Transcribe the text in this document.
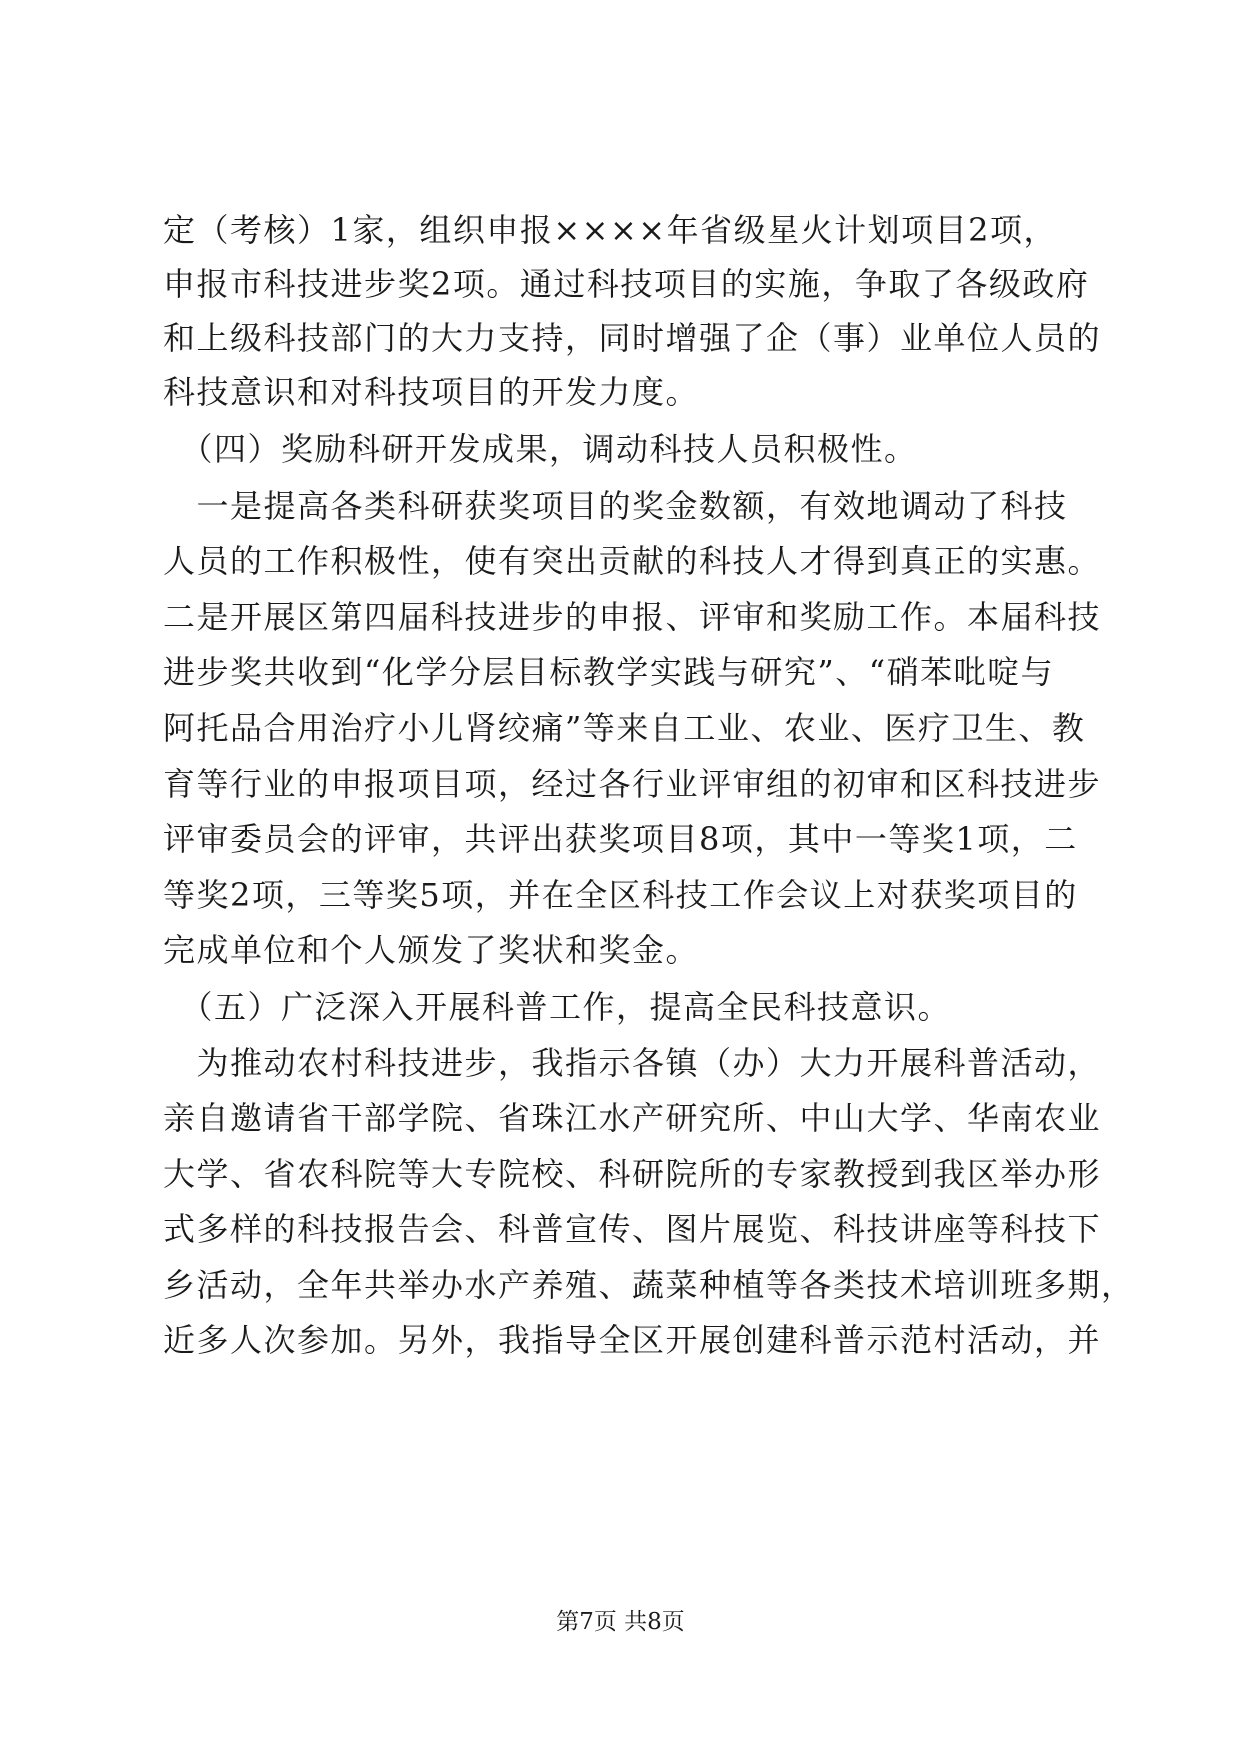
定（考核）1家，组织申报××××年省级星火计划项目2项，
申报市科技进步奖2项。通过科技项目的实施，争取了各级政府
和上级科技部门的大力支持，同时增强了企（事）业单位人员的
科技意识和对科技项目的开发力度。
　（四）奖励科研开发成果，调动科技人员积极性。
　一是提高各类科研获奖项目的奖金数额，有效地调动了科技
人员的工作积极性，使有突出贡献的科技人才得到真正的实惠。
二是开展区第四届科技进步的申报、评审和奖励工作。本届科技
进步奖共收到“化学分层目标教学实践与研究”、“硝苯吡啶与
阿托品合用治疗小儿肾绞痛”等来自工业、农业、医疗卫生、教
育等行业的申报项目项，经过各行业评审组的初审和区科技进步
评审委员会的评审，共评出获奖项目8项，其中一等奖1项，二
等奖2项，三等奖5项，并在全区科技工作会议上对获奖项目的
完成单位和个人颁发了奖状和奖金。
　（五）广泛深入开展科普工作，提高全民科技意识。
　为推动农村科技进步，我指示各镇（办）大力开展科普活动，
亲自邀请省干部学院、省珠江水产研究所、中山大学、华南农业
大学、省农科院等大专院校、科研院所的专家教授到我区举办形
式多样的科技报告会、科普宣传、图片展览、科技讲座等科技下
乡活动，全年共举办水产养殖、蔬菜种植等各类技术培训班多期，
近多人次参加。另外，我指导全区开展创建科普示范村活动，并
第7页 共8页
